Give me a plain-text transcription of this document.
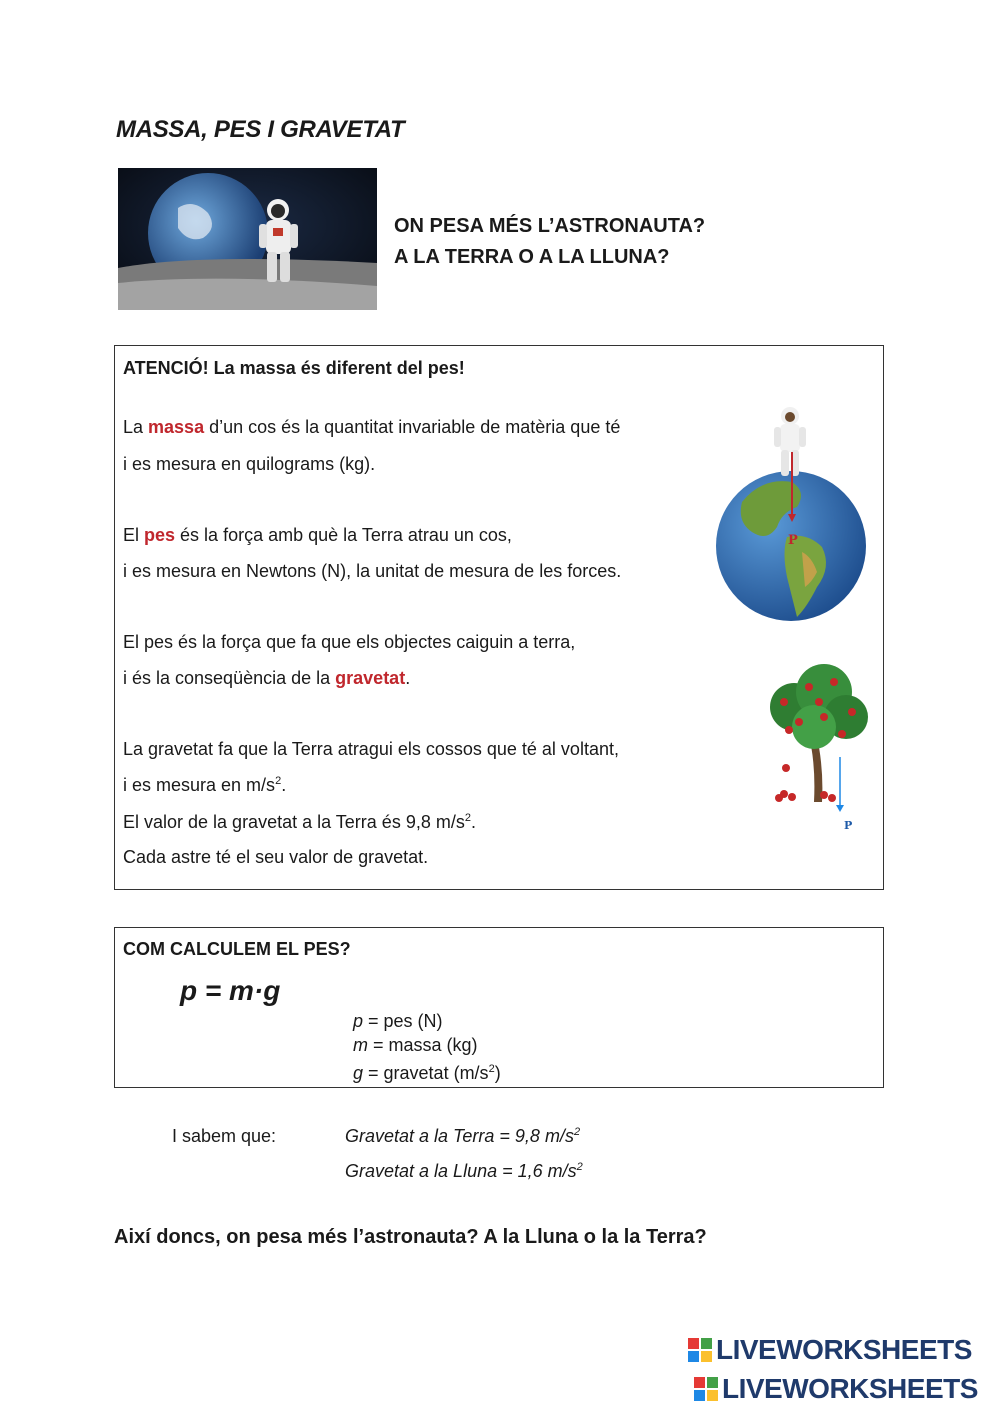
MASSA, PES I GRAVETAT
ON PESA MÉS L’ASTRONAUTA?
A LA TERRA O A LA LLUNA?
ATENCIÓ! La massa és diferent del pes!
La massa d’un cos és la quantitat invariable de matèria que té
i es mesura en quilograms (kg).
El pes és la força amb què la Terra atrau un cos,
i es mesura en Newtons (N), la unitat de mesura de les forces.
El pes és la força que fa que els objectes caiguin a terra,
i és la conseqüència de la gravetat.
La gravetat fa que la Terra atragui els cossos que té al voltant,
i es mesura en $m/s^2$.
El valor de la gravetat a la Terra és 9,8 $m/s^2$.
Cada astre té el seu valor de gravetat.
P
P
COM CALCULEM EL PES?
p = m·g
p = pes (N)
m = massa (kg)
g = gravetat $(m/s^2)$
I sabem que:	Gravetat a la Terra = 9,8 $m/s^2$
Gravetat a la Lluna = 1,6 $m/s^2$
Així doncs, on pesa més l’astronauta? A la Lluna o la la Terra?
LIVEWORKSHEETS
LIVEWORKSHEETS
